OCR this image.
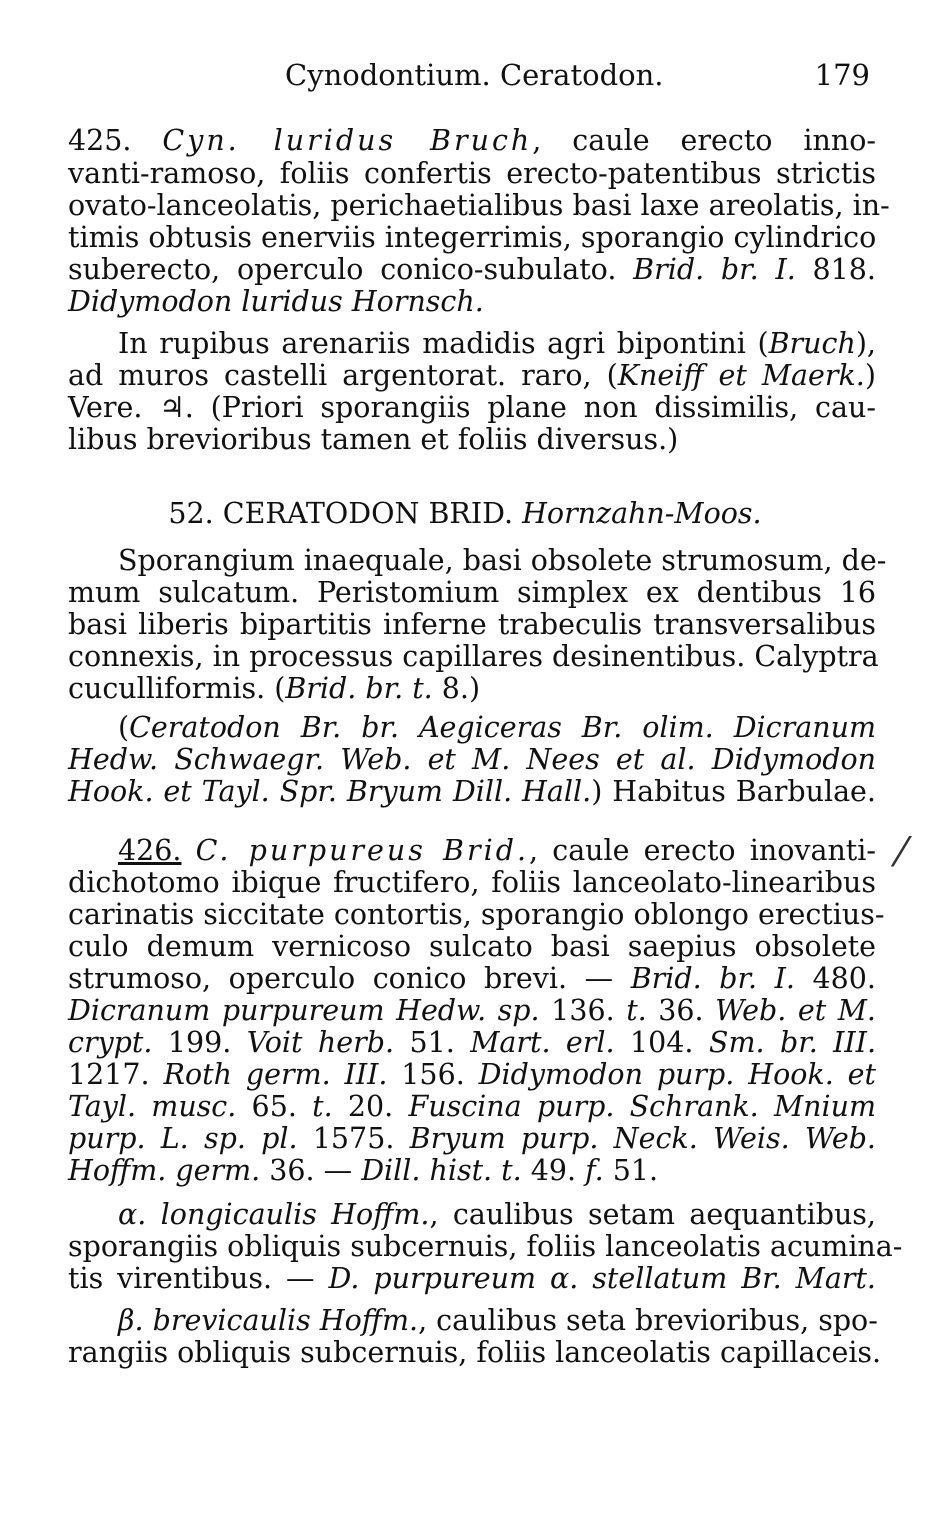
Cynodontium. Ceratodon.	179
425. Cyn. luridus Bruch, caule erecto inno-
vanti-ramoso, foliis confertis erecto-patentibus strictis
ovato-lanceolatis, perichaetialibus basi laxe areolatis, in-
timis obtusis enerviis integerrimis, sporangio cylindrico
suberecto, operculo conico-subulato. Brid. br. I. 818.
Didymodon luridus Hornsch.
In rupibus arenariis madidis agri bipontini (Bruch),
ad muros castelli argentorat. raro, (Kneiff et Maerk.)
Vere. ♃. (Priori sporangiis plane non dissimilis, cau-
libus brevioribus tamen et foliis diversus.)
52. CERATODON BRID. Hornzahn-Moos.
Sporangium inaequale, basi obsolete strumosum, de-
mum sulcatum. Peristomium simplex ex dentibus 16
basi liberis bipartitis inferne trabeculis transversalibus
connexis, in processus capillares desinentibus. Calyptra
cuculliformis. (Brid. br. t. 8.)
(Ceratodon Br. br. Aegiceras Br. olim. Dicranum
Hedw. Schwaegr. Web. et M. Nees et al. Didymodon
Hook. et Tayl. Spr. Bryum Dill. Hall.) Habitus Barbulae.
426. C. purpureus Brid., caule erecto inovanti-
dichotomo ibique fructifero, foliis lanceolato-linearibus
carinatis siccitate contortis, sporangio oblongo erectius-
culo demum vernicoso sulcato basi saepius obsolete
strumoso, operculo conico brevi. — Brid. br. I. 480.
Dicranum purpureum Hedw. sp. 136. t. 36. Web. et M.
crypt. 199. Voit herb. 51. Mart. erl. 104. Sm. br. III.
1217. Roth germ. III. 156. Didymodon purp. Hook. et
Tayl. musc. 65. t. 20. Fuscina purp. Schrank. Mnium
purp. L. sp. pl. 1575. Bryum purp. Neck. Weis. Web.
Hoffm. germ. 36. — Dill. hist. t. 49. f. 51.
α. longicaulis Hoffm., caulibus setam aequantibus,
sporangiis obliquis subcernuis, foliis lanceolatis acumina-
tis virentibus. — D. purpureum α. stellatum Br. Mart.
β. brevicaulis Hoffm., caulibus seta brevioribus, spo-
rangiis obliquis subcernuis, foliis lanceolatis capillaceis.
⁄
